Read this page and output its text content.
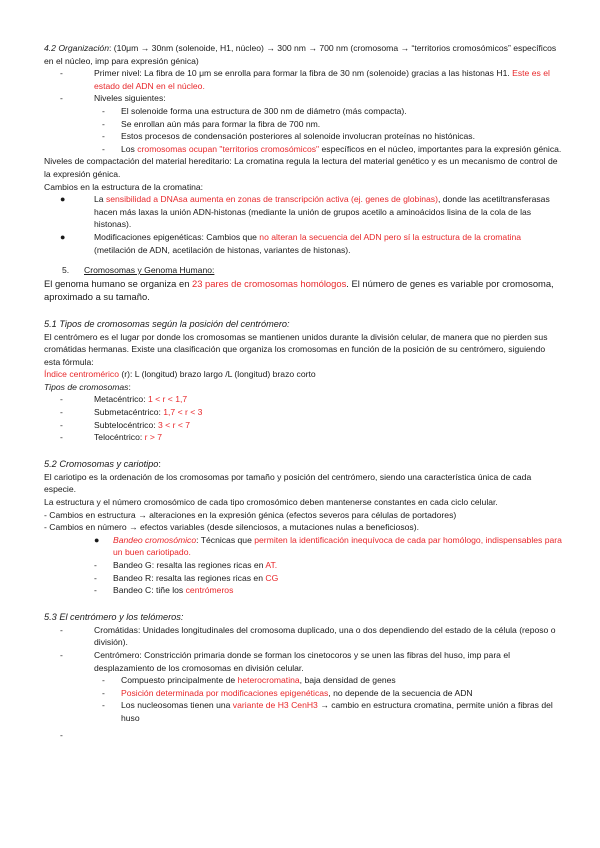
4.2 Organización: (10μm → 30nm (solenoide, H1, núcleo) → 300 nm → 700 nm (cromosoma → “territorios cromosómicos” específicos en el núcleo, imp para expresión génica)

-	Primer nivel: La fibra de 10 μm se enrolla para formar la fibra de 30 nm (solenoide) gracias a las histonas H1. Este es el estado del ADN en el núcleo.
-	Niveles siguientes:
-	El solenoide forma una estructura de 300 nm de diámetro (más compacta).
-	Se enrollan aún más para formar la fibra de 700 nm.
-	Estos procesos de condensación posteriores al solenoide involucran proteínas no histónicas.
-	Los cromosomas ocupan "territorios cromosómicos" específicos en el núcleo, importantes para la expresión génica.

Niveles de compactación del material hereditario: La cromatina regula la lectura del material genético y es un mecanismo de control de la expresión génica.

Cambios en la estructura de la cromatina:

●	La sensibilidad a DNAsa aumenta en zonas de transcripción activa (ej. genes de globinas), donde las acetiltransferasas hacen más laxas la unión ADN-histonas (mediante la unión de grupos acetilo a aminoácidos lisina de la cola de las histonas).
●	Modificaciones epigenéticas: Cambios que no alteran la secuencia del ADN pero sí la estructura de la cromatina (metilación de ADN, acetilación de histonas, variantes de histonas).
5.	Cromosomas y Genoma Humano:

El genoma humano se organiza en 23 pares de cromosomas homólogos. El número de genes es variable por cromosoma, aproximado a su tamaño.

5.1 Tipos de cromosomas según la posición del centrómero:

El centrómero es el lugar por donde los cromosomas se mantienen unidos durante la división celular, de manera que no pierden sus cromátidas hermanas. Existe una clasificación que organiza los cromosomas en función de la posición de su centrómero, siguiendo esta fórmula:

Índice centromérico (r): L (longitud) brazo largo /L (longitud) brazo corto

Tipos de cromosomas:

-	Metacéntrico: 1 < r < 1,7
-	Submetacéntrico: 1,7 < r < 3
-	Subtelocéntrico: 3 < r < 7
-	Telocéntrico: r > 7

5.2 Cromosomas y cariotipo:

El cariotipo es la ordenación de los cromosomas por tamaño y posición del centrómero, siendo una característica única de cada especie.

La estructura y el número cromosómico de cada tipo cromosómico deben mantenerse constantes en cada ciclo celular.

- Cambios en estructura → alteraciones en la expresión génica (efectos severos para células de portadores)

- Cambios en número → efectos variables (desde silenciosos, a mutaciones nulas a beneficiosos).

●	Bandeo cromosómico: Técnicas que permiten la identificación inequívoca de cada par homólogo, indispensables para un buen cariotipado.
-	Bandeo G: resalta las regiones ricas en AT.
-	Bandeo R: resalta las regiones ricas en CG
-	Bandeo C: tiñe los centrómeros

5.3 El centrómero y los telómeros:

-	Cromátidas: Unidades longitudinales del cromosoma duplicado, una o dos dependiendo del estado de la célula (reposo o división).
-	Centrómero: Constricción primaria donde se forman los cinetocoros y se unen las fibras del huso, imp para el desplazamiento de los cromosomas en división celular.
-	Compuesto principalmente de heterocromatina, baja densidad de genes
-	Posición determinada por modificaciones epigenéticas, no depende de la secuencia de ADN
-	Los nucleosomas tienen una variante de H3 CenH3 → cambio en estructura cromatina, permite unión a fibras del huso
-
